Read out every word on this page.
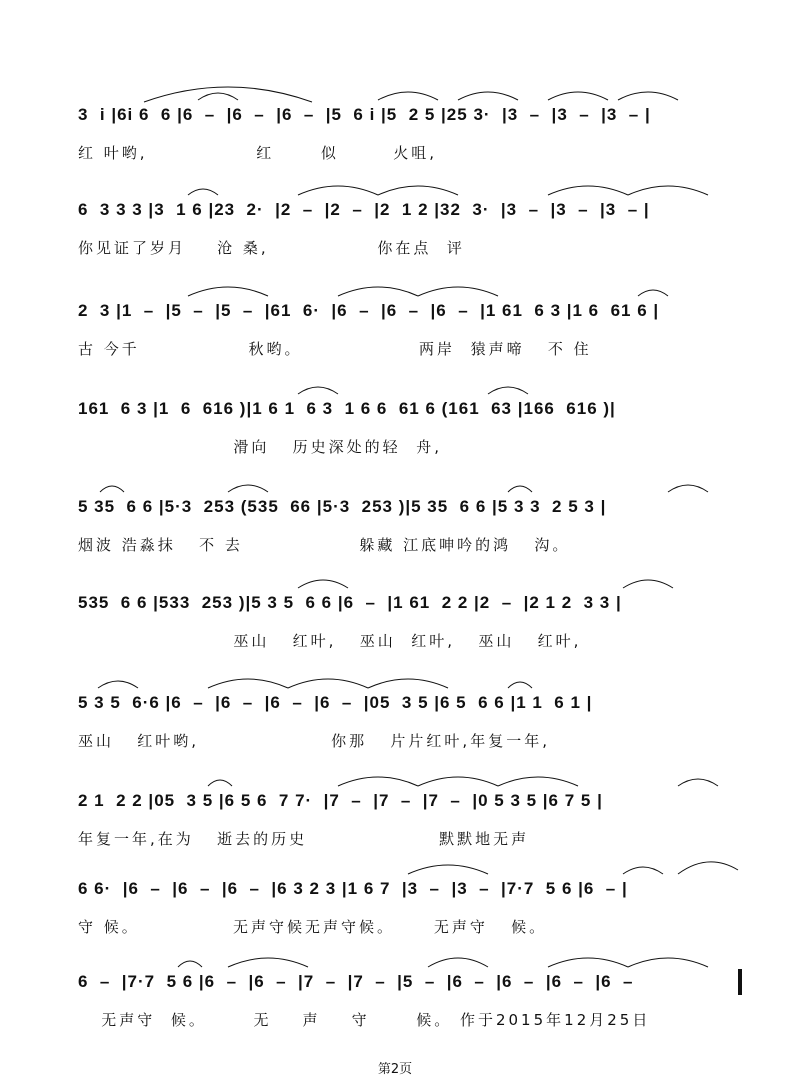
3  i |6i 6  6 |6  –  |6  –  |6  –  |5  6 i |5  2 5 |25 3·  |3  –  |3  –  |3  – |
红 叶哟,              红      似       火咀,
6  3 3 3 |3  1 6 |23  2·  |2  –  |2  –  |2  1 2 |32  3·  |3  –  |3  –  |3  – |
你见证了岁月    沧 桑,              你在点  评
2  3 |1  –  |5  –  |5  –  |61  6·  |6  –  |6  –  |6  –  |1 61  6 3 |1 6  61 6 |
古 今千              秋哟。               两岸  猿声啼   不 住
161  6 3 |1  6  616 )|1 6 1  6 3  1 6 6  61 6 (161  63 |166  616 )|
滑向   历史深处的轻  舟,
5 35  6 6 |5·3  253 (535  66 |5·3  253 )|5 35  6 6 |5 3 3  2 5 3 |
烟波 浩淼抹   不 去               躲藏 江底呻吟的鸿   沟。
535  6 6 |533  253 )|5 3 5  6 6 |6  –  |1 61  2 2 |2  –  |2 1 2  3 3 |
巫山   红叶,   巫山  红叶,   巫山   红叶,
5 3 5  6·6 |6  –  |6  –  |6  –  |6  –  |05  3 5 |6 5  6 6 |1 1  6 1 |
巫山   红叶哟,                 你那   片片红叶,年复一年,
2 1  2 2 |05  3 5 |6 5 6  7 7·  |7  –  |7  –  |7  –  |0 5 3 5 |6 7 5 |
年复一年,在为   逝去的历史                 默默地无声
6 6·  |6  –  |6  –  |6  –  |6 3 2 3 |1 6 7  |3  –  |3  –  |7·7  5 6 |6  – |
守 候。            无声守候无声守候。     无声守   候。
6  –  |7·7  5 6 |6  –  |6  –  |7  –  |7  –  |5  –  |6  –  |6  –  |6  –  |6  –
无声守  候。      无    声    守      候。 作于2015年12月25日
第2页
